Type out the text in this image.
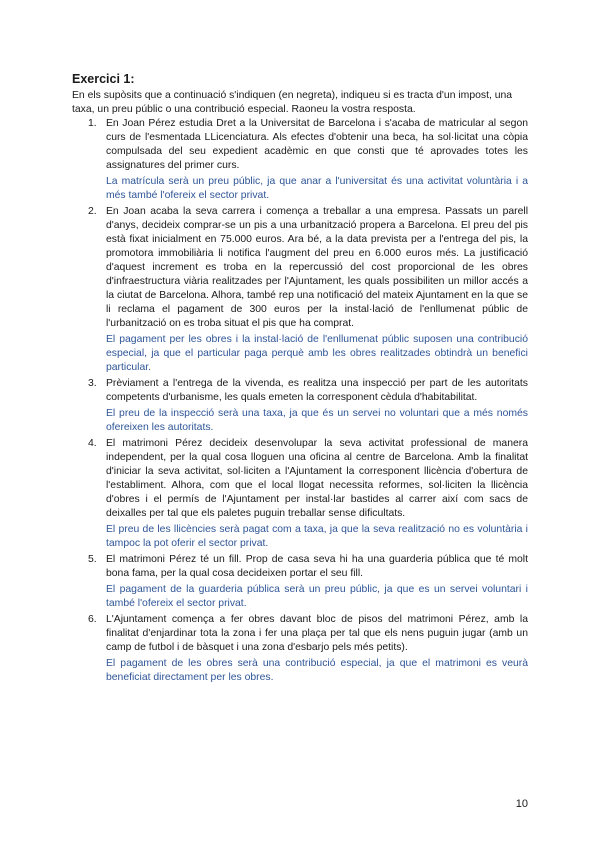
Exercici 1:

En els supòsits que a continuació s'indiquen (en negreta), indiqueu si es tracta d'un impost, una taxa, un preu públic o una contribució especial. Raoneu la vostra resposta.

1. En Joan Pérez estudia Dret a la Universitat de Barcelona i s'acaba de matricular al segon curs de l'esmentada LLicenciatura. Als efectes d'obtenir una beca, ha sol·licitat una còpia compulsada del seu expedient acadèmic en que consti que té aprovades totes les assignatures del primer curs.

La matrícula serà un preu públic, ja que anar a l'universitat és una activitat voluntària i a més també l'ofereix el sector privat.

2. En Joan acaba la seva carrera i comença a treballar a una empresa. Passats un parell d'anys, decideix comprar-se un pis a una urbanització propera a Barcelona. El preu del pis està fixat inicialment en 75.000 euros. Ara bé, a la data prevista per a l'entrega del pis, la promotora immobiliària li notifica l'augment del preu en 6.000 euros més. La justificació d'aquest increment es troba en la repercussió del cost proporcional de les obres d'infraestructura viària realitzades per l'Ajuntament, les quals possibiliten un millor accés a la ciutat de Barcelona. Alhora, també rep una notificació del mateix Ajuntament en la que se li reclama el pagament de 300 euros per la instal·lació de l'enllumenat públic de l'urbanització on es troba situat el pis que ha comprat.

El pagament per les obres i la instal·lació de l'enllumenat públic suposen una contribució especial, ja que el particular paga perquè amb les obres realitzades obtindrà un benefici particular.

3. Prèviament a l'entrega de la vivenda, es realitza una inspecció per part de les autoritats competents d'urbanisme, les quals emeten la corresponent cèdula d'habitabilitat.

El preu de la inspecció serà una taxa, ja que és un servei no voluntari que a més només ofereixen les autoritats.

4. El matrimoni Pérez decideix desenvolupar la seva activitat professional de manera independent, per la qual cosa lloguen una oficina al centre de Barcelona. Amb la finalitat d'iniciar la seva activitat, sol·liciten a l'Ajuntament la corresponent llicència d'obertura de l'establiment. Alhora, com que el local llogat necessita reformes, sol·liciten la llicència d'obres i el permís de l'Ajuntament per instal·lar bastides al carrer així com sacs de deixalles per tal que els paletes puguin treballar sense dificultats.

El preu de les llicències serà pagat com a taxa, ja que la seva realització no es voluntària i tampoc la pot oferir el sector privat.

5. El matrimoni Pérez té un fill. Prop de casa seva hi ha una guarderia pública que té molt bona fama, per la qual cosa decideixen portar el seu fill.

El pagament de la guarderia pública serà un preu públic, ja que es un servei voluntari i també l'ofereix el sector privat.

6. L'Ajuntament comença a fer obres davant bloc de pisos del matrimoni Pérez, amb la finalitat d'enjardinar tota la zona i fer una plaça per tal que els nens puguin jugar (amb un camp de futbol i de bàsquet i una zona d'esbarjo pels més petits).

El pagament de les obres serà una contribució especial, ja que el matrimoni es veurà beneficiat directament per les obres.

10
